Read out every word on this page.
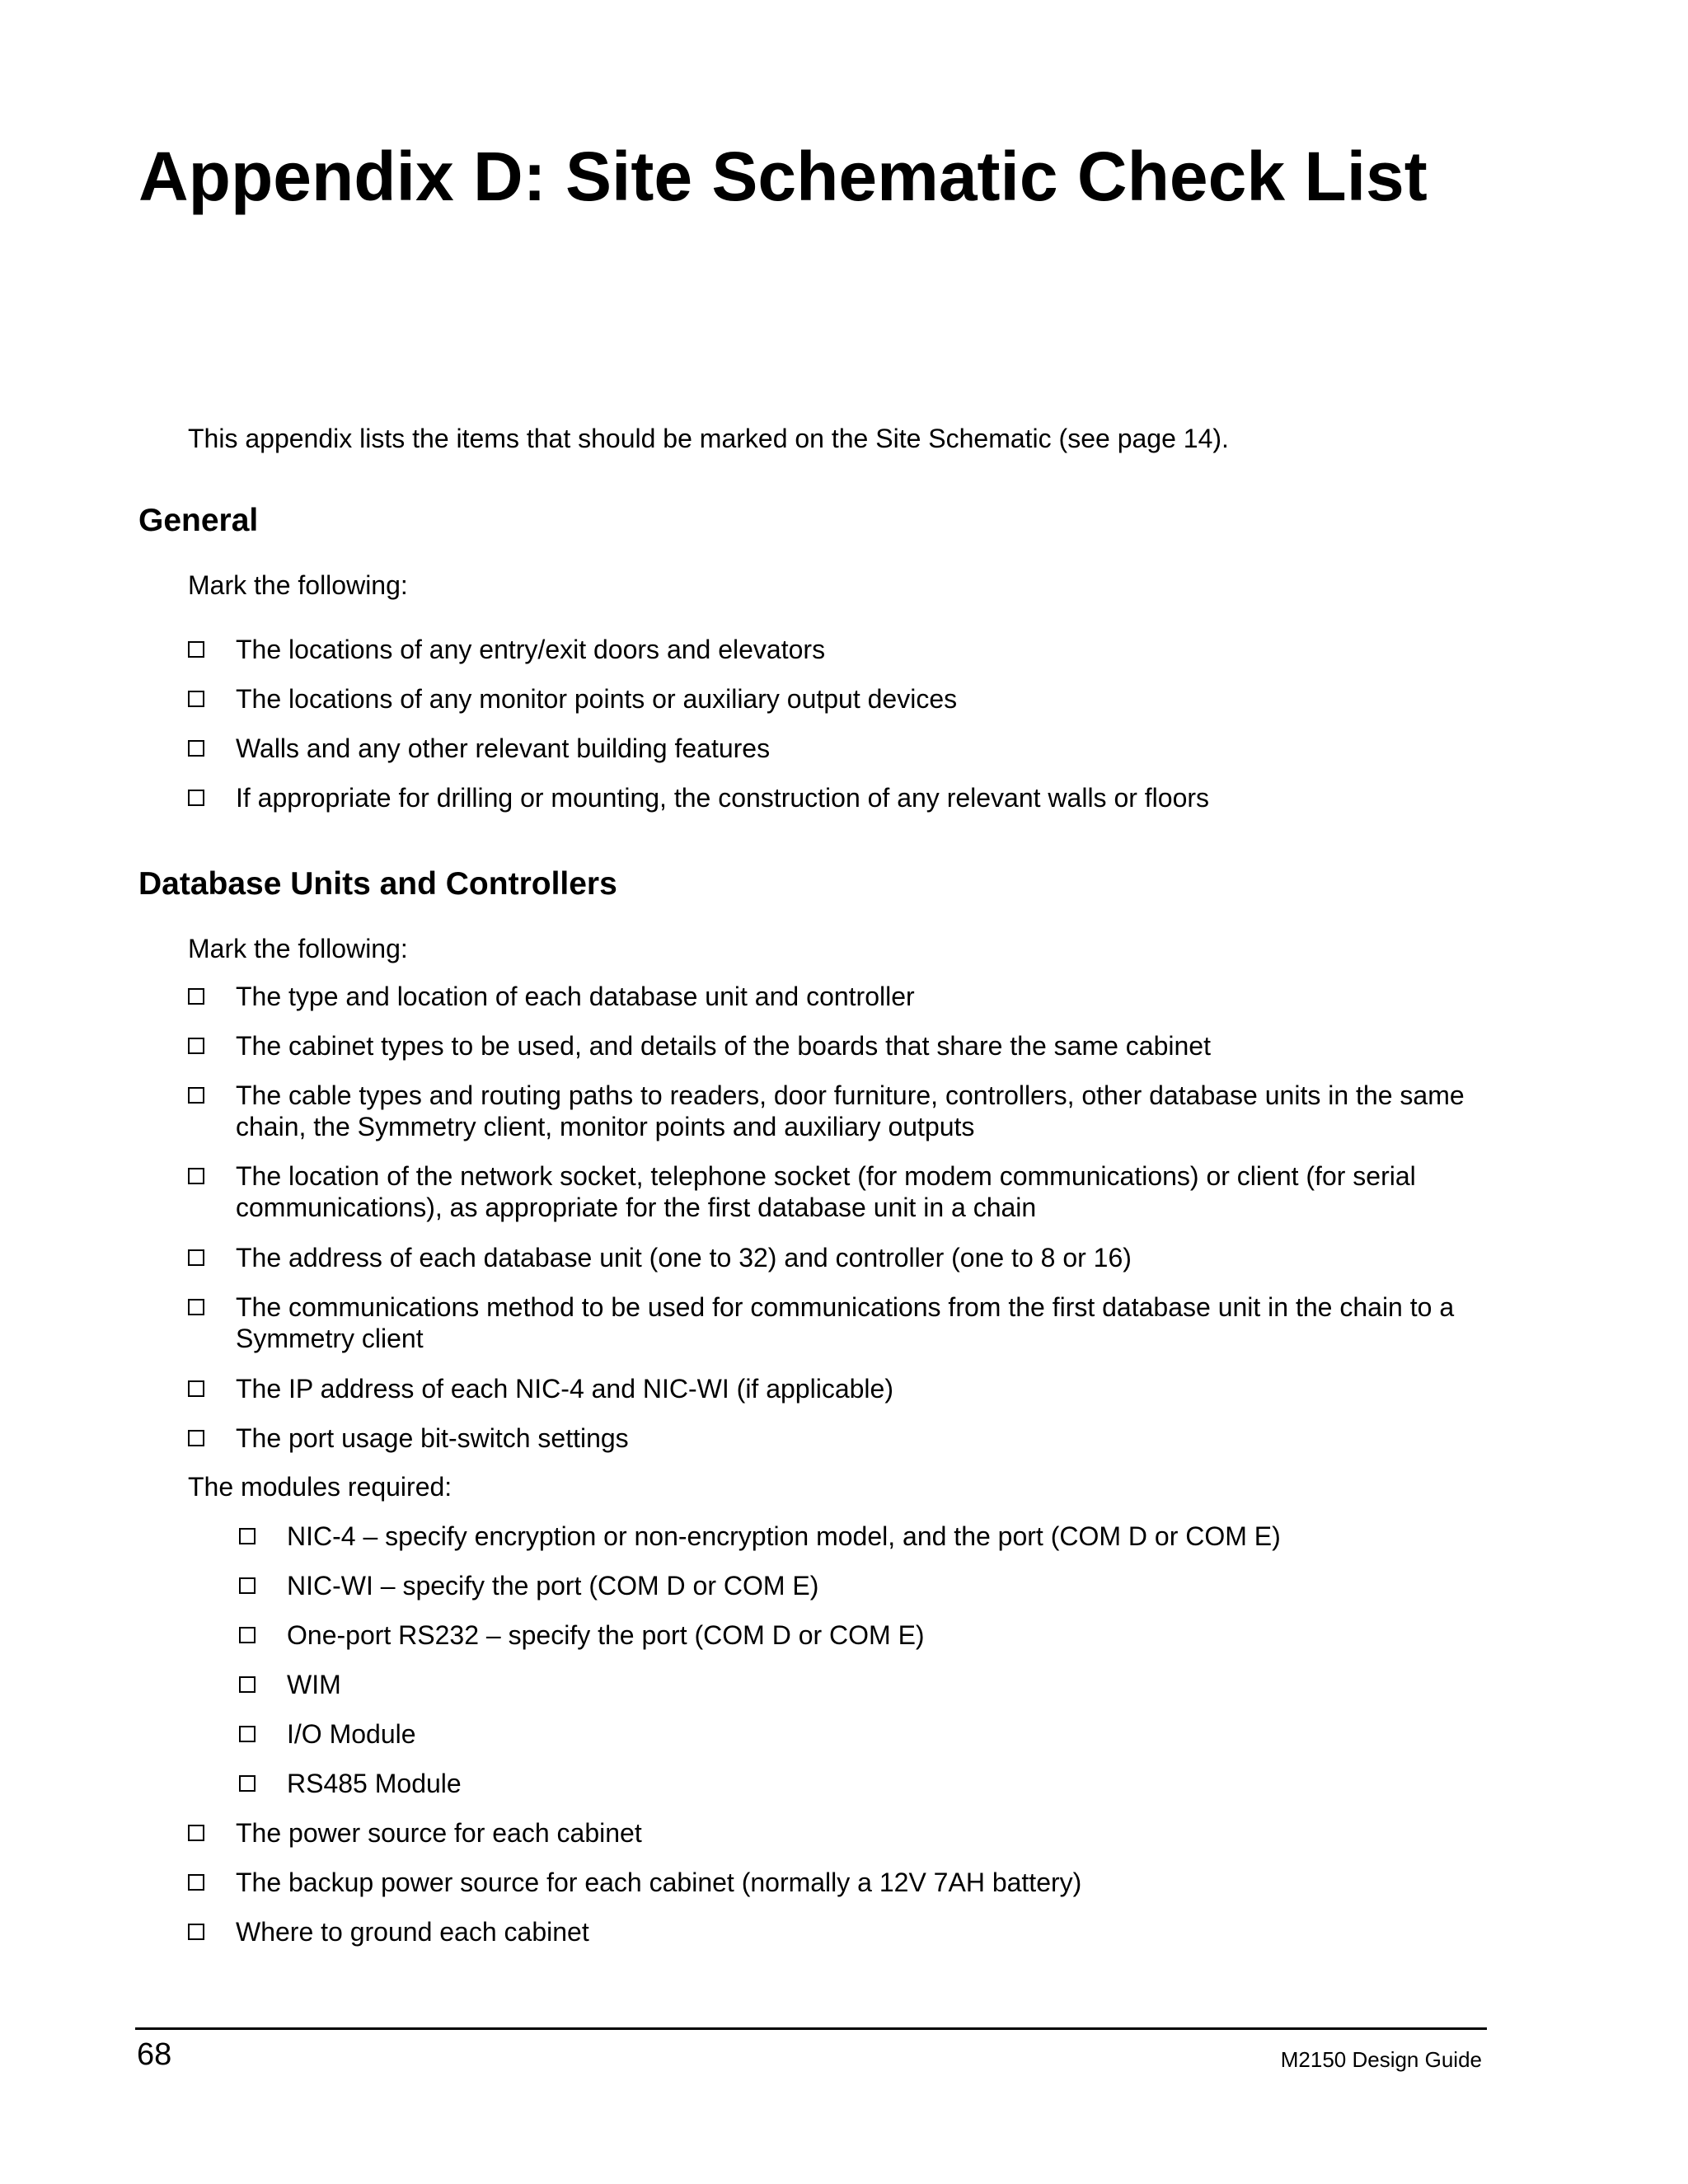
Appendix D: Site Schematic Check List

This appendix lists the items that should be marked on the Site Schematic (see page 14).

General

Mark the following:

The locations of any entry/exit doors and elevators
The locations of any monitor points or auxiliary output devices
Walls and any other relevant building features
If appropriate for drilling or mounting, the construction of any relevant walls or floors
Database Units and Controllers

Mark the following:

The type and location of each database unit and controller
The cabinet types to be used, and details of the boards that share the same cabinet
The cable types and routing paths to readers, door furniture, controllers, other database units in the same chain, the Symmetry client, monitor points and auxiliary outputs
The location of the network socket, telephone socket (for modem communications) or client (for serial communications), as appropriate for the first database unit in a chain
The address of each database unit (one to 32) and controller (one to 8 or 16)
The communications method to be used for communications from the first database unit in the chain to a Symmetry client
The IP address of each NIC-4 and NIC-WI (if applicable)
The port usage bit-switch settings

The modules required:

NIC-4 – specify encryption or non-encryption model, and the port (COM D or COM E)
NIC-WI – specify the port (COM D or COM E)
One-port RS232 – specify the port (COM D or COM E)
WIM
I/O Module
RS485 Module
The power source for each cabinet
The backup power source for each cabinet (normally a 12V 7AH battery)
Where to ground each cabinet

68	M2150 Design Guide
